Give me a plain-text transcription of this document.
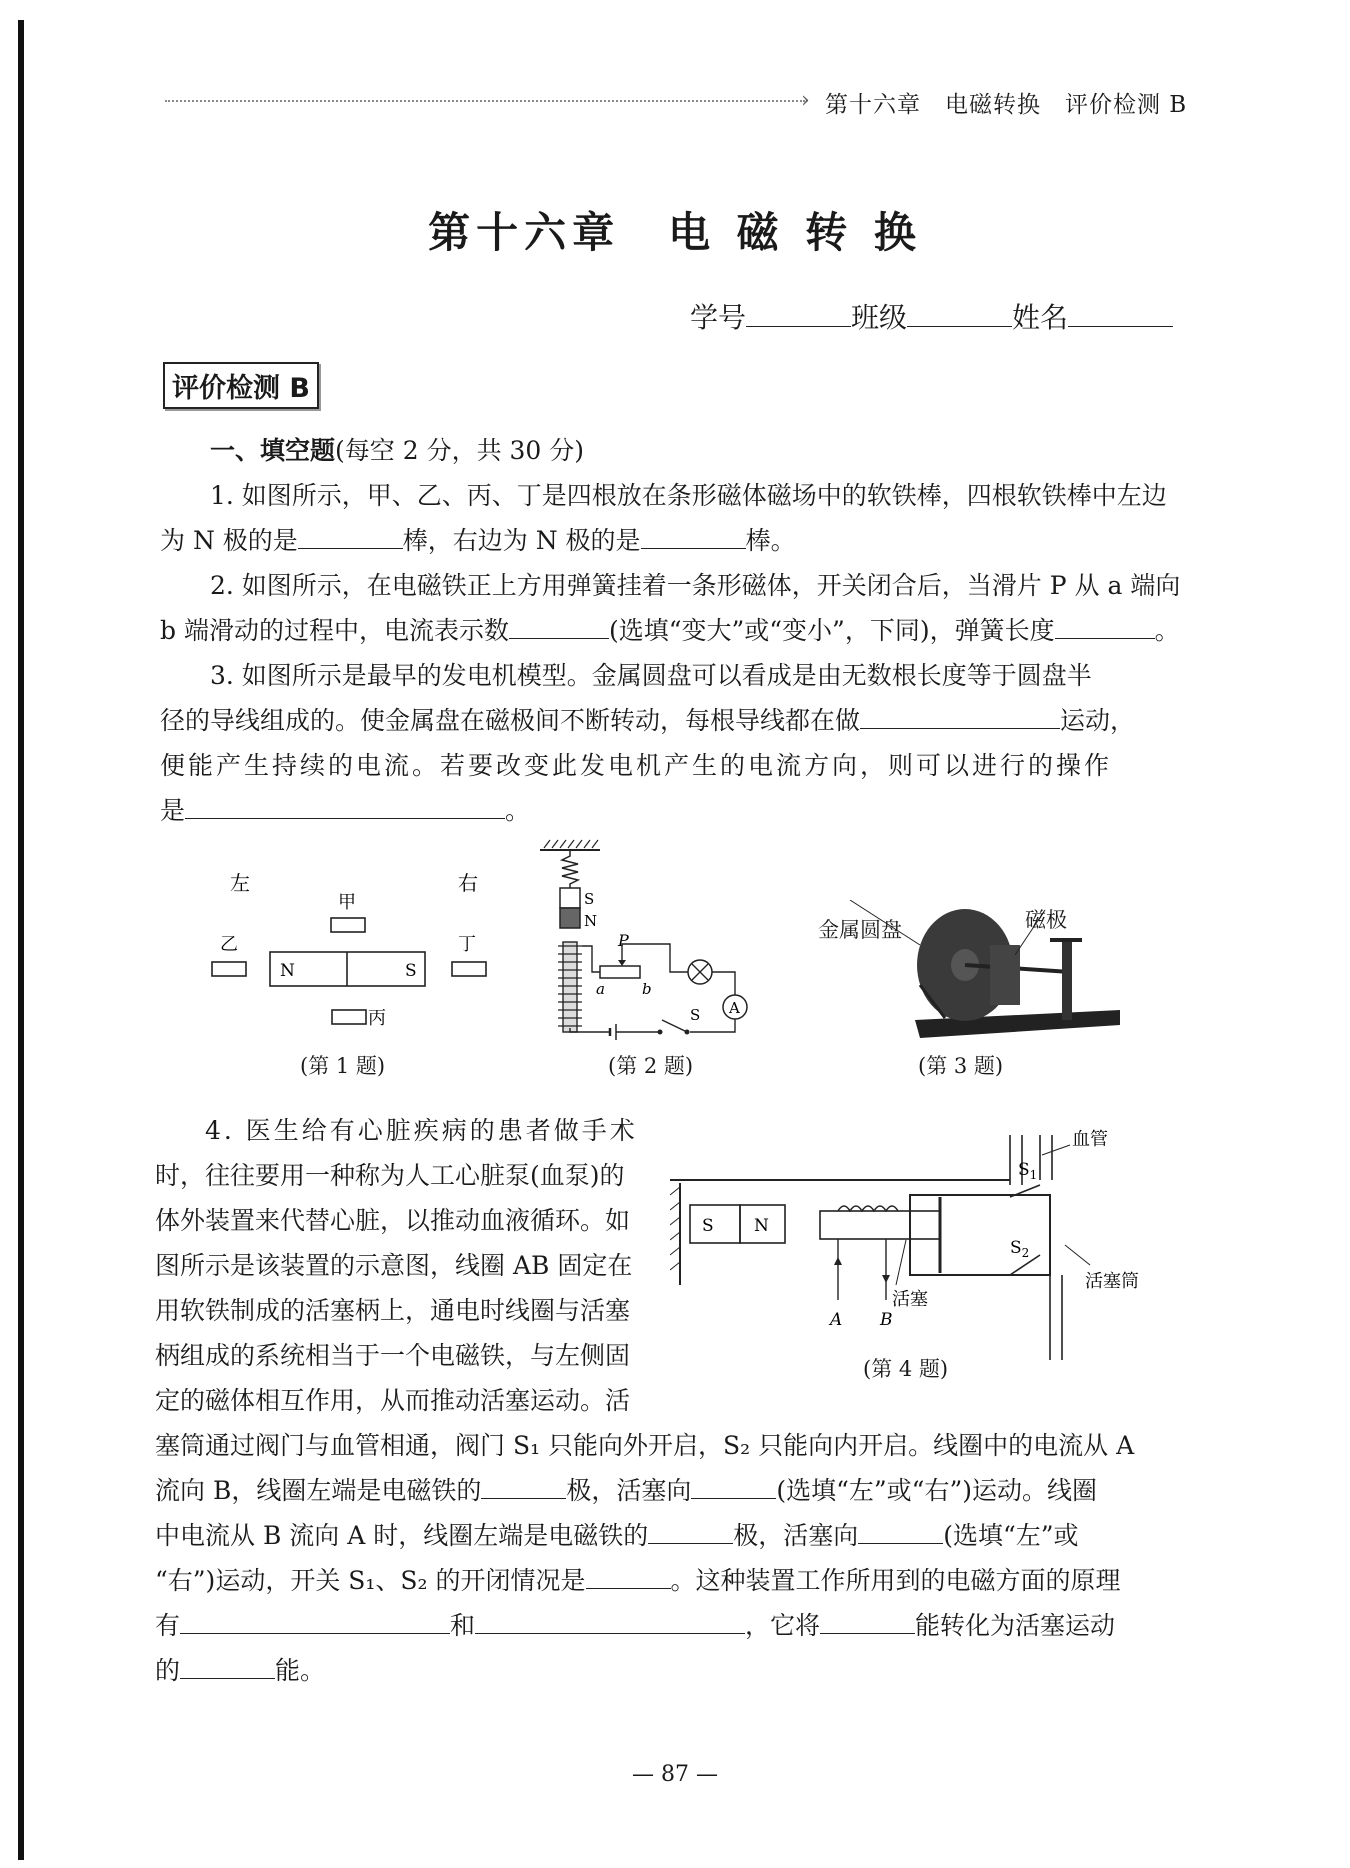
› 第十六章　电磁转换　评价检测 B
第十六章　电 磁 转 换
学号	班级	姓名
评价检测 B
一、填空题(每空 2 分，共 30 分)
1. 如图所示，甲、乙、丙、丁是四根放在条形磁体磁场中的软铁棒，四根软铁棒中左边
为 N 极的是	棒，右边为 N 极的是	棒。
2. 如图所示，在电磁铁正上方用弹簧挂着一条形磁体，开关闭合后，当滑片 P 从 a 端向
b 端滑动的过程中，电流表示数	(选填“变大”或“变小”，下同)，弹簧长度	。
3. 如图所示是最早的发电机模型。金属圆盘可以看成是由无数根长度等于圆盘半
径的导线组成的。使金属盘在磁极间不断转动，每根导线都在做	运动，
便能产生持续的电流。若要改变此发电机产生的电流方向，则可以进行的操作
是	。
左	右
甲
乙	丁
N	S
丙
(第 1 题)
S
N
P
a b
A
S
(第 2 题)
金属圆盘	磁极
(第 3 题)
4. 医生给有心脏疾病的患者做手术
时，往往要用一种称为人工心脏泵(血泵)的
体外装置来代替心脏，以推动血液循环。如
图所示是该装置的示意图，线圈 AB 固定在
用软铁制成的活塞柄上，通电时线圈与活塞
柄组成的系统相当于一个电磁铁，与左侧固
定的磁体相互作用，从而推动活塞运动。活
血管
S N
A B
活塞
$S_1$
$S_2$
活塞筒
(第 4 题)
塞筒通过阀门与血管相通，阀门 S₁ 只能向外开启，S₂ 只能向内开启。线圈中的电流从 A
流向 B，线圈左端是电磁铁的	极，活塞向	(选填“左”或“右”)运动。线圈
中电流从 B 流向 A 时，线圈左端是电磁铁的	极，活塞向	(选填“左”或
“右”)运动，开关 S₁、S₂ 的开闭情况是	。这种装置工作所用到的电磁方面的原理
有	和	，它将	能转化为活塞运动
的	能。
— 87 —
